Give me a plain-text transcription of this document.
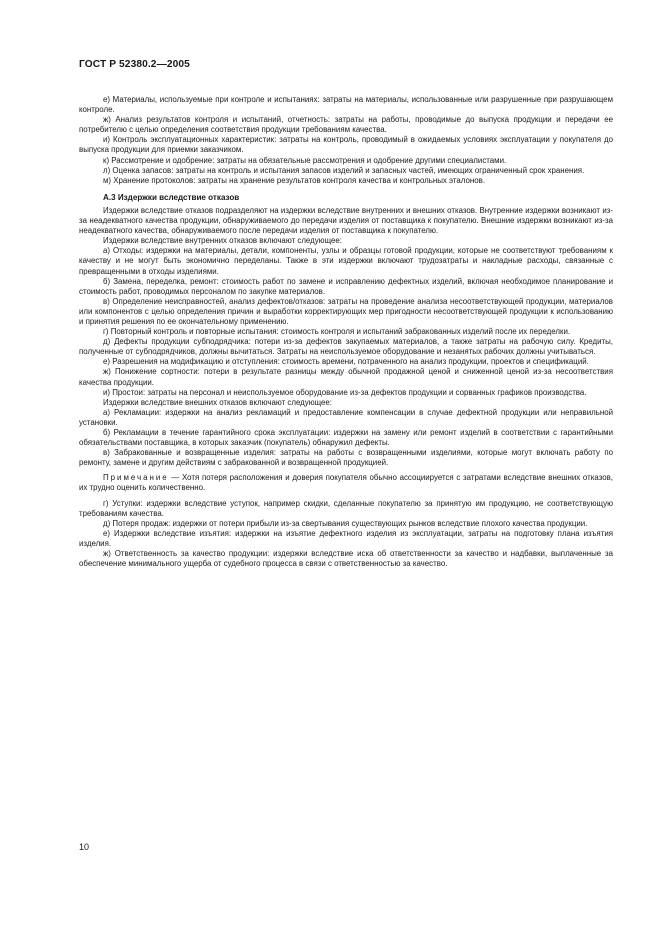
ГОСТ Р 52380.2—2005

е) Материалы, используемые при контроле и испытаниях: затраты на материалы, использованные или разрушенные при разрушающем контроле.

ж) Анализ результатов контроля и испытаний, отчетность: затраты на работы, проводимые до выпуска продукции и передачи ее потребителю с целью определения соответствия продукции требованиям качества.

и) Контроль эксплуатационных характеристик: затраты на контроль, проводимый в ожидаемых условиях эксплуатации у покупателя до выпуска продукции для приемки заказчиком.

к) Рассмотрение и одобрение: затраты на обязательные рассмотрения и одобрение другими специалистами.

л) Оценка запасов: затраты на контроль и испытания запасов изделий и запасных частей, имеющих ограниченный срок хранения.

м) Хранение протоколов: затраты на хранение результатов контроля качества и контрольных эталонов.

А.3 Издержки вследствие отказов

Издержки вследствие отказов подразделяют на издержки вследствие внутренних и внешних отказов. Внутренние издержки возникают из-за неадекватного качества продукции, обнаруживаемого до передачи изделия от поставщика к покупателю. Внешние издержки возникают из-за неадекватного качества, обнаруживаемого после передачи изделия от поставщика к покупателю.

Издержки вследствие внутренних отказов включают следующее:

а) Отходы: издержки на материалы, детали, компоненты, узлы и образцы готовой продукции, которые не соответствуют требованиям к качеству и не могут быть экономично переделаны. Также в эти издержки включают трудозатраты и накладные расходы, связанные с превращенными в отходы изделиями.

б) Замена, переделка, ремонт: стоимость работ по замене и исправлению дефектных изделий, включая необходимое планирование и стоимость работ, проводимых персоналом по закупке материалов.

в) Определение неисправностей, анализ дефектов/отказов: затраты на проведение анализа несоответствующей продукции, материалов или компонентов с целью определения причин и выработки корректирующих мер пригодности несоответствующей продукции к использованию и принятия решения по ее окончательному применению.

г) Повторный контроль и повторные испытания: стоимость контроля и испытаний забракованных изделий после их переделки.

д) Дефекты продукции субподрядчика: потери из-за дефектов закупаемых материалов, а также затраты на рабочую силу. Кредиты, полученные от субподрядчиков, должны вычитаться. Затраты на неиспользуемое оборудование и незанятых рабочих должны учитываться.

е) Разрешения на модификацию и отступления: стоимость времени, потраченного на анализ продукции, проектов и спецификаций.

ж) Понижение сортности: потери в результате разницы между обычной продажной ценой и сниженной ценой из-за несоответствия качества продукции.

и) Простои: затраты на персонал и неиспользуемое оборудование из-за дефектов продукции и сорванных графиков производства.

Издержки вследствие внешних отказов включают следующее:

а) Рекламации: издержки на анализ рекламаций и предоставление компенсации в случае дефектной продукции или неправильной установки.

б) Рекламации в течение гарантийного срока эксплуатации: издержки на замену или ремонт изделий в соответствии с гарантийными обязательствами поставщика, в которых заказчик (покупатель) обнаружил дефекты.

в) Забракованные и возвращенные изделия: затраты на работы с возвращенными изделиями, которые могут включать работу по ремонту, замене и другим действиям с забракованной и возвращенной продукцией.

Примечание — Хотя потеря расположения и доверия покупателя обычно ассоциируется с затратами вследствие внешних отказов, их трудно оценить количественно.

г) Уступки: издержки вследствие уступок, например скидки, сделанные покупателю за принятую им продукцию, не соответствующую требованиям качества.

д) Потеря продаж: издержки от потери прибыли из-за свертывания существующих рынков вследствие плохого качества продукции.

е) Издержки вследствие изъятия: издержки на изъятие дефектного изделия из эксплуатации, затраты на подготовку плана изъятия изделия.

ж) Ответственность за качество продукции: издержки вследствие иска об ответственности за качество и надбавки, выплаченные за обеспечение минимального ущерба от судебного процесса в связи с ответственностью за качество.

10
